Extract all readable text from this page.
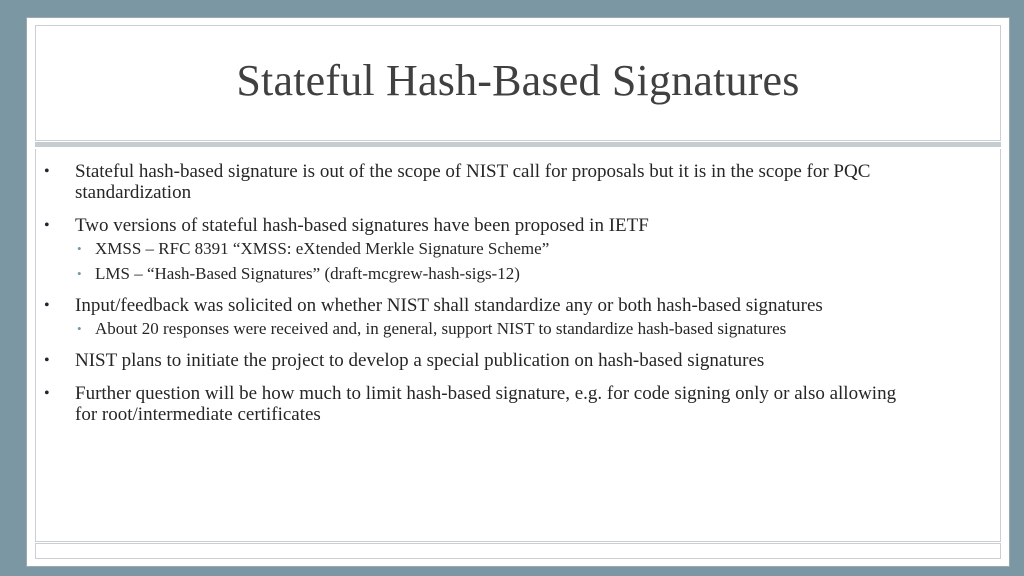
Stateful Hash-Based Signatures
• Stateful hash-based signature is out of the scope of NIST call for proposals but it is in the scope for PQC standardization
• Two versions of stateful hash-based signatures have been proposed in IETF
• XMSS – RFC 8391 “XMSS: eXtended Merkle Signature Scheme”
• LMS – “Hash-Based Signatures” (draft-mcgrew-hash-sigs-12)
• Input/feedback was solicited on whether NIST shall standardize any or both hash-based signatures
• About 20 responses were received and, in general, support NIST to standardize hash-based signatures
• NIST plans to initiate the project to develop a special publication on hash-based signatures
• Further question will be how much to limit hash-based signature, e.g. for code signing only or also allowing for root/intermediate certificates
